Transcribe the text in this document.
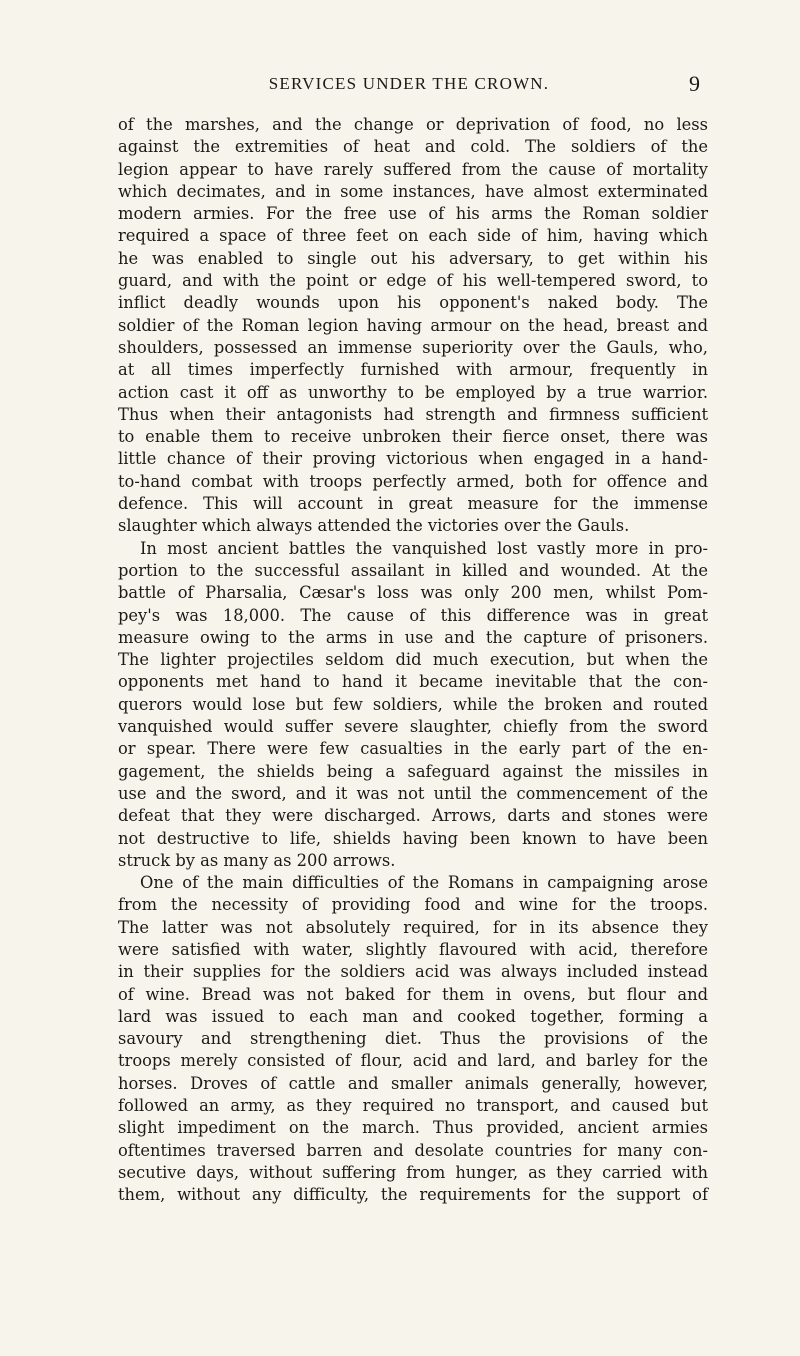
SERVICES UNDER THE CROWN.	9
of the marshes, and the change or deprivation of food, no less
against the extremities of heat and cold. The soldiers of the
legion appear to have rarely suffered from the cause of mortality
which decimates, and in some instances, have almost exterminated
modern armies. For the free use of his arms the Roman soldier
required a space of three feet on each side of him, having which
he was enabled to single out his adversary, to get within his
guard, and with the point or edge of his well-tempered sword, to
inflict deadly wounds upon his opponent's naked body. The
soldier of the Roman legion having armour on the head, breast and
shoulders, possessed an immense superiority over the Gauls, who,
at all times imperfectly furnished with armour, frequently in
action cast it off as unworthy to be employed by a true warrior.
Thus when their antagonists had strength and firmness sufficient
to enable them to receive unbroken their fierce onset, there was
little chance of their proving victorious when engaged in a hand-
to-hand combat with troops perfectly armed, both for offence and
defence. This will account in great measure for the immense
slaughter which always attended the victories over the Gauls.
In most ancient battles the vanquished lost vastly more in pro-
portion to the successful assailant in killed and wounded. At the
battle of Pharsalia, Cæsar's loss was only 200 men, whilst Pom-
pey's was 18,000. The cause of this difference was in great
measure owing to the arms in use and the capture of prisoners.
The lighter projectiles seldom did much execution, but when the
opponents met hand to hand it became inevitable that the con-
querors would lose but few soldiers, while the broken and routed
vanquished would suffer severe slaughter, chiefly from the sword
or spear. There were few casualties in the early part of the en-
gagement, the shields being a safeguard against the missiles in
use and the sword, and it was not until the commencement of the
defeat that they were discharged. Arrows, darts and stones were
not destructive to life, shields having been known to have been
struck by as many as 200 arrows.
One of the main difficulties of the Romans in campaigning arose
from the necessity of providing food and wine for the troops.
The latter was not absolutely required, for in its absence they
were satisfied with water, slightly flavoured with acid, therefore
in their supplies for the soldiers acid was always included instead
of wine. Bread was not baked for them in ovens, but flour and
lard was issued to each man and cooked together, forming a
savoury and strengthening diet. Thus the provisions of the
troops merely consisted of flour, acid and lard, and barley for the
horses. Droves of cattle and smaller animals generally, however,
followed an army, as they required no transport, and caused but
slight impediment on the march. Thus provided, ancient armies
oftentimes traversed barren and desolate countries for many con-
secutive days, without suffering from hunger, as they carried with
them, without any difficulty, the requirements for the support of
